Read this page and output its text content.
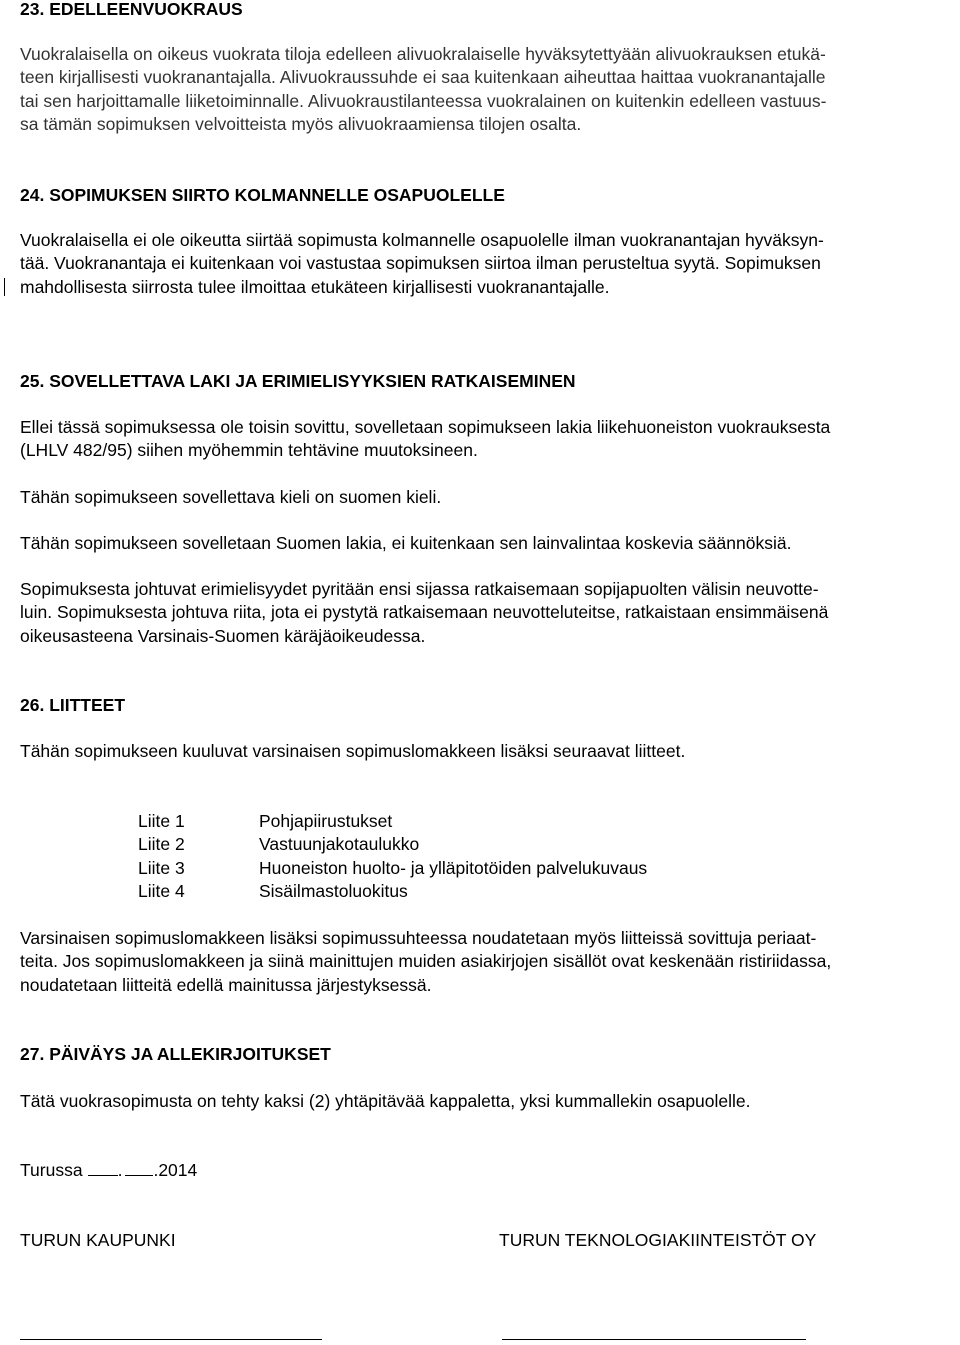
23. EDELLEENVUOKRAUS
Vuokralaisella on oikeus vuokrata tiloja edelleen alivuokralaiselle hyväksytettyään alivuokrauksen etukä-
teen kirjallisesti vuokranantajalla. Alivuokraussuhde ei saa kuitenkaan aiheuttaa haittaa vuokranantajalle
tai sen harjoittamalle liiketoiminnalle. Alivuokraustilanteessa vuokralainen on kuitenkin edelleen vastuus-
sa tämän sopimuksen velvoitteista myös alivuokraamiensa tilojen osalta.
24. SOPIMUKSEN SIIRTO KOLMANNELLE OSAPUOLELLE
Vuokralaisella ei ole oikeutta siirtää sopimusta kolmannelle osapuolelle ilman vuokranantajan hyväksyn-
tää. Vuokranantaja ei kuitenkaan voi vastustaa sopimuksen siirtoa ilman perusteltua syytä. Sopimuksen
mahdollisesta siirrosta tulee ilmoittaa etukäteen kirjallisesti vuokranantajalle.
25. SOVELLETTAVA LAKI JA ERIMIELISYYKSIEN RATKAISEMINEN
Ellei tässä sopimuksessa ole toisin sovittu, sovelletaan sopimukseen lakia liikehuoneiston vuokrauksesta
(LHLV 482/95) siihen myöhemmin tehtävine muutoksineen.
Tähän sopimukseen sovellettava kieli on suomen kieli.
Tähän sopimukseen sovelletaan Suomen lakia, ei kuitenkaan sen lainvalintaa koskevia säännöksiä.
Sopimuksesta johtuvat erimielisyydet pyritään ensi sijassa ratkaisemaan sopijapuolten välisin neuvotte-
luin. Sopimuksesta johtuva riita, jota ei pystytä ratkaisemaan neuvotteluteitse, ratkaistaan ensimmäisenä
oikeusasteena Varsinais-Suomen käräjäoikeudessa.
26. LIITTEET
Tähän sopimukseen kuuluvat varsinaisen sopimuslomakkeen lisäksi seuraavat liitteet.
Liite 1	Pohjapiirustukset
Liite 2	Vastuunjakotaulukko
Liite 3	Huoneiston huolto- ja ylläpitotöiden palvelukuvaus
Liite 4	Sisäilmastoluokitus
Varsinaisen sopimuslomakkeen lisäksi sopimussuhteessa noudatetaan myös liitteissä sovittuja periaat-
teita. Jos sopimuslomakkeen ja siinä mainittujen muiden asiakirjojen sisällöt ovat keskenään ristiriidassa,
noudatetaan liitteitä edellä mainitussa järjestyksessä.
27. PÄIVÄYS JA ALLEKIRJOITUKSET
Tätä vuokrasopimusta on tehty kaksi (2) yhtäpitävää kappaletta, yksi kummallekin osapuolelle.
Turussa . .2014
TURUN KAUPUNKI	TURUN TEKNOLOGIAKIINTEISTÖT OY
